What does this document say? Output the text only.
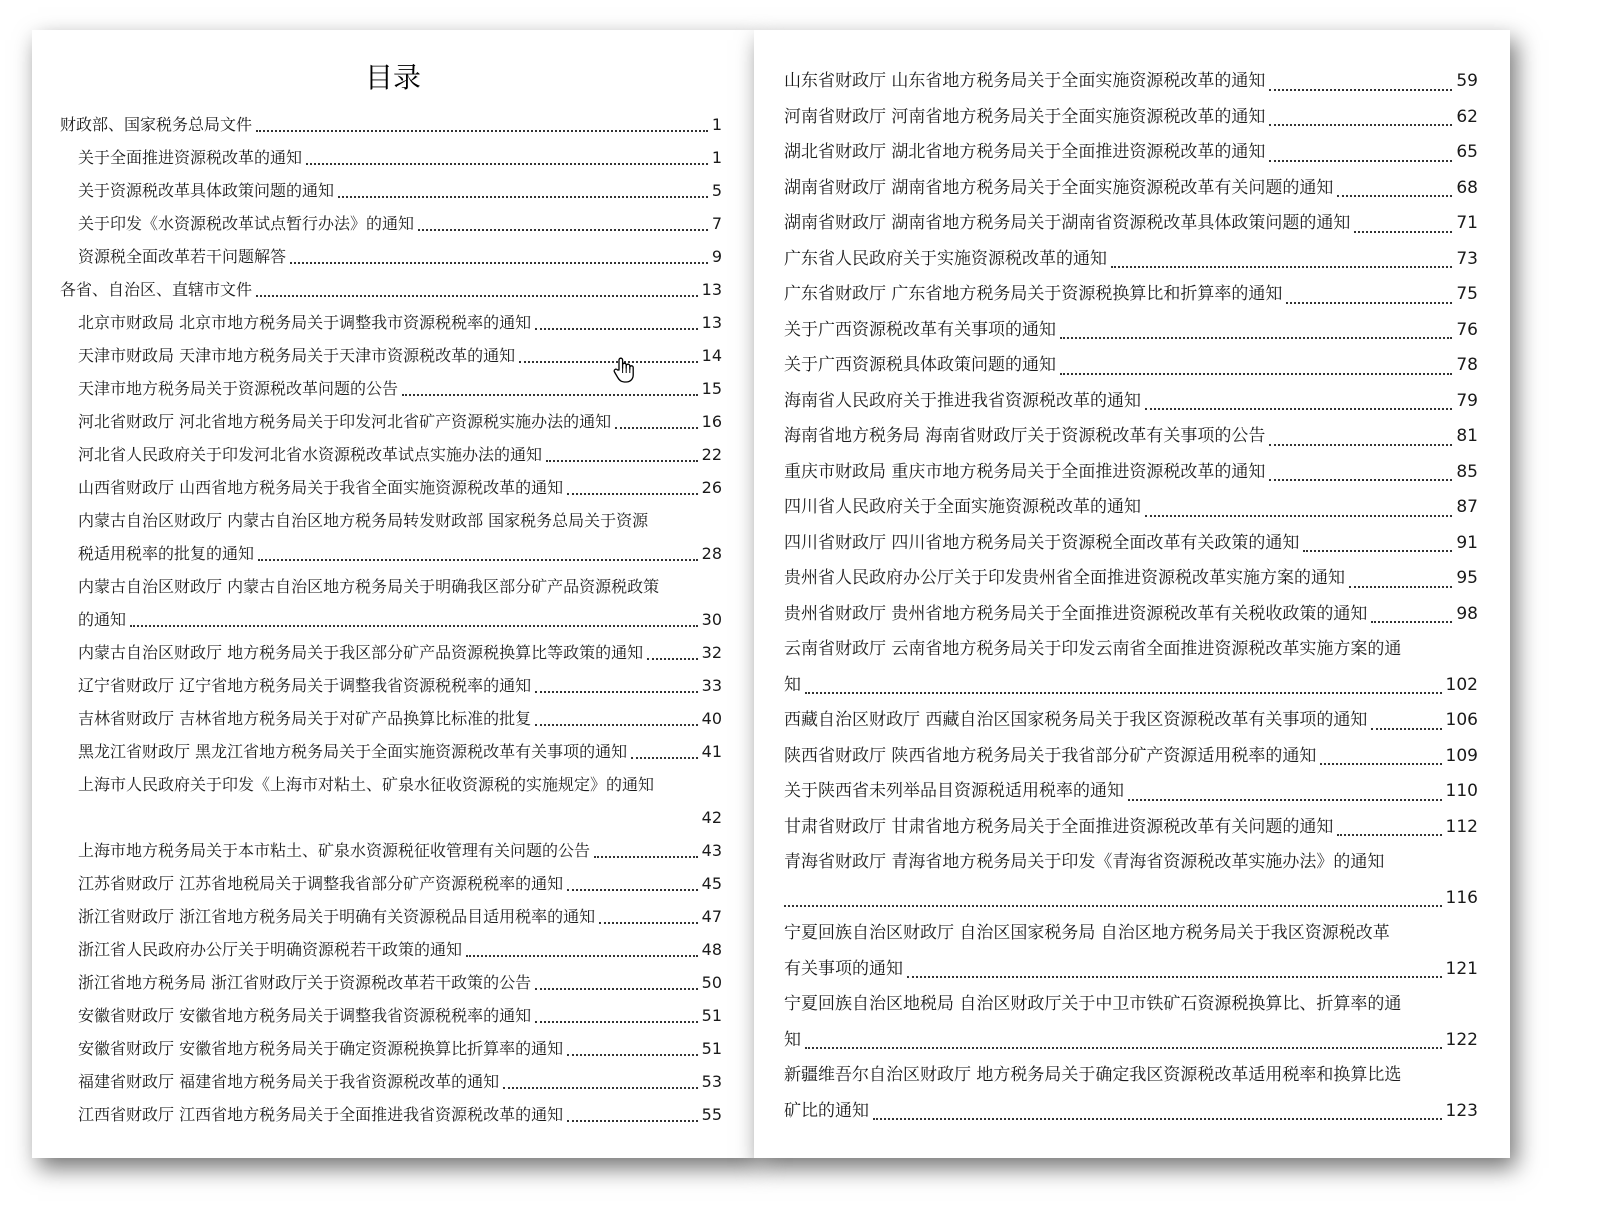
目录
财政部、国家税务总局文件	1
关于全面推进资源税改革的通知	1
关于资源税改革具体政策问题的通知	5
关于印发《水资源税改革试点暂行办法》的通知	7
资源税全面改革若干问题解答	9
各省、自治区、直辖市文件	13
北京市财政局 北京市地方税务局关于调整我市资源税税率的通知	13
天津市财政局 天津市地方税务局关于天津市资源税改革的通知	14
天津市地方税务局关于资源税改革问题的公告	15
河北省财政厅 河北省地方税务局关于印发河北省矿产资源税实施办法的通知	16
河北省人民政府关于印发河北省水资源税改革试点实施办法的通知	22
山西省财政厅 山西省地方税务局关于我省全面实施资源税改革的通知	26
内蒙古自治区财政厅 内蒙古自治区地方税务局转发财政部 国家税务总局关于资源
税适用税率的批复的通知	28
内蒙古自治区财政厅 内蒙古自治区地方税务局关于明确我区部分矿产品资源税政策
的通知	30
内蒙古自治区财政厅 地方税务局关于我区部分矿产品资源税换算比等政策的通知	32
辽宁省财政厅 辽宁省地方税务局关于调整我省资源税税率的通知	33
吉林省财政厅 吉林省地方税务局关于对矿产品换算比标准的批复	40
黑龙江省财政厅 黑龙江省地方税务局关于全面实施资源税改革有关事项的通知	41
上海市人民政府关于印发《上海市对粘土、矿泉水征收资源税的实施规定》的通知
42
上海市地方税务局关于本市粘土、矿泉水资源税征收管理有关问题的公告	43
江苏省财政厅 江苏省地税局关于调整我省部分矿产资源税税率的通知	45
浙江省财政厅 浙江省地方税务局关于明确有关资源税品目适用税率的通知	47
浙江省人民政府办公厅关于明确资源税若干政策的通知	48
浙江省地方税务局 浙江省财政厅关于资源税改革若干政策的公告	50
安徽省财政厅 安徽省地方税务局关于调整我省资源税税率的通知	51
安徽省财政厅 安徽省地方税务局关于确定资源税换算比折算率的通知	51
福建省财政厅 福建省地方税务局关于我省资源税改革的通知	53
江西省财政厅 江西省地方税务局关于全面推进我省资源税改革的通知	55
山东省财政厅 山东省地方税务局关于全面实施资源税改革的通知	59
河南省财政厅 河南省地方税务局关于全面实施资源税改革的通知	62
湖北省财政厅 湖北省地方税务局关于全面推进资源税改革的通知	65
湖南省财政厅 湖南省地方税务局关于全面实施资源税改革有关问题的通知	68
湖南省财政厅 湖南省地方税务局关于湖南省资源税改革具体政策问题的通知	71
广东省人民政府关于实施资源税改革的通知	73
广东省财政厅 广东省地方税务局关于资源税换算比和折算率的通知	75
关于广西资源税改革有关事项的通知	76
关于广西资源税具体政策问题的通知	78
海南省人民政府关于推进我省资源税改革的通知	79
海南省地方税务局 海南省财政厅关于资源税改革有关事项的公告	81
重庆市财政局 重庆市地方税务局关于全面推进资源税改革的通知	85
四川省人民政府关于全面实施资源税改革的通知	87
四川省财政厅 四川省地方税务局关于资源税全面改革有关政策的通知	91
贵州省人民政府办公厅关于印发贵州省全面推进资源税改革实施方案的通知	95
贵州省财政厅 贵州省地方税务局关于全面推进资源税改革有关税收政策的通知	98
云南省财政厅 云南省地方税务局关于印发云南省全面推进资源税改革实施方案的通
知	102
西藏自治区财政厅 西藏自治区国家税务局关于我区资源税改革有关事项的通知	106
陕西省财政厅 陕西省地方税务局关于我省部分矿产资源适用税率的通知	109
关于陕西省未列举品目资源税适用税率的通知	110
甘肃省财政厅 甘肃省地方税务局关于全面推进资源税改革有关问题的通知	112
青海省财政厅 青海省地方税务局关于印发《青海省资源税改革实施办法》的通知
116
宁夏回族自治区财政厅 自治区国家税务局 自治区地方税务局关于我区资源税改革
有关事项的通知	121
宁夏回族自治区地税局 自治区财政厅关于中卫市铁矿石资源税换算比、折算率的通
知	122
新疆维吾尔自治区财政厅 地方税务局关于确定我区资源税改革适用税率和换算比选
矿比的通知	123
